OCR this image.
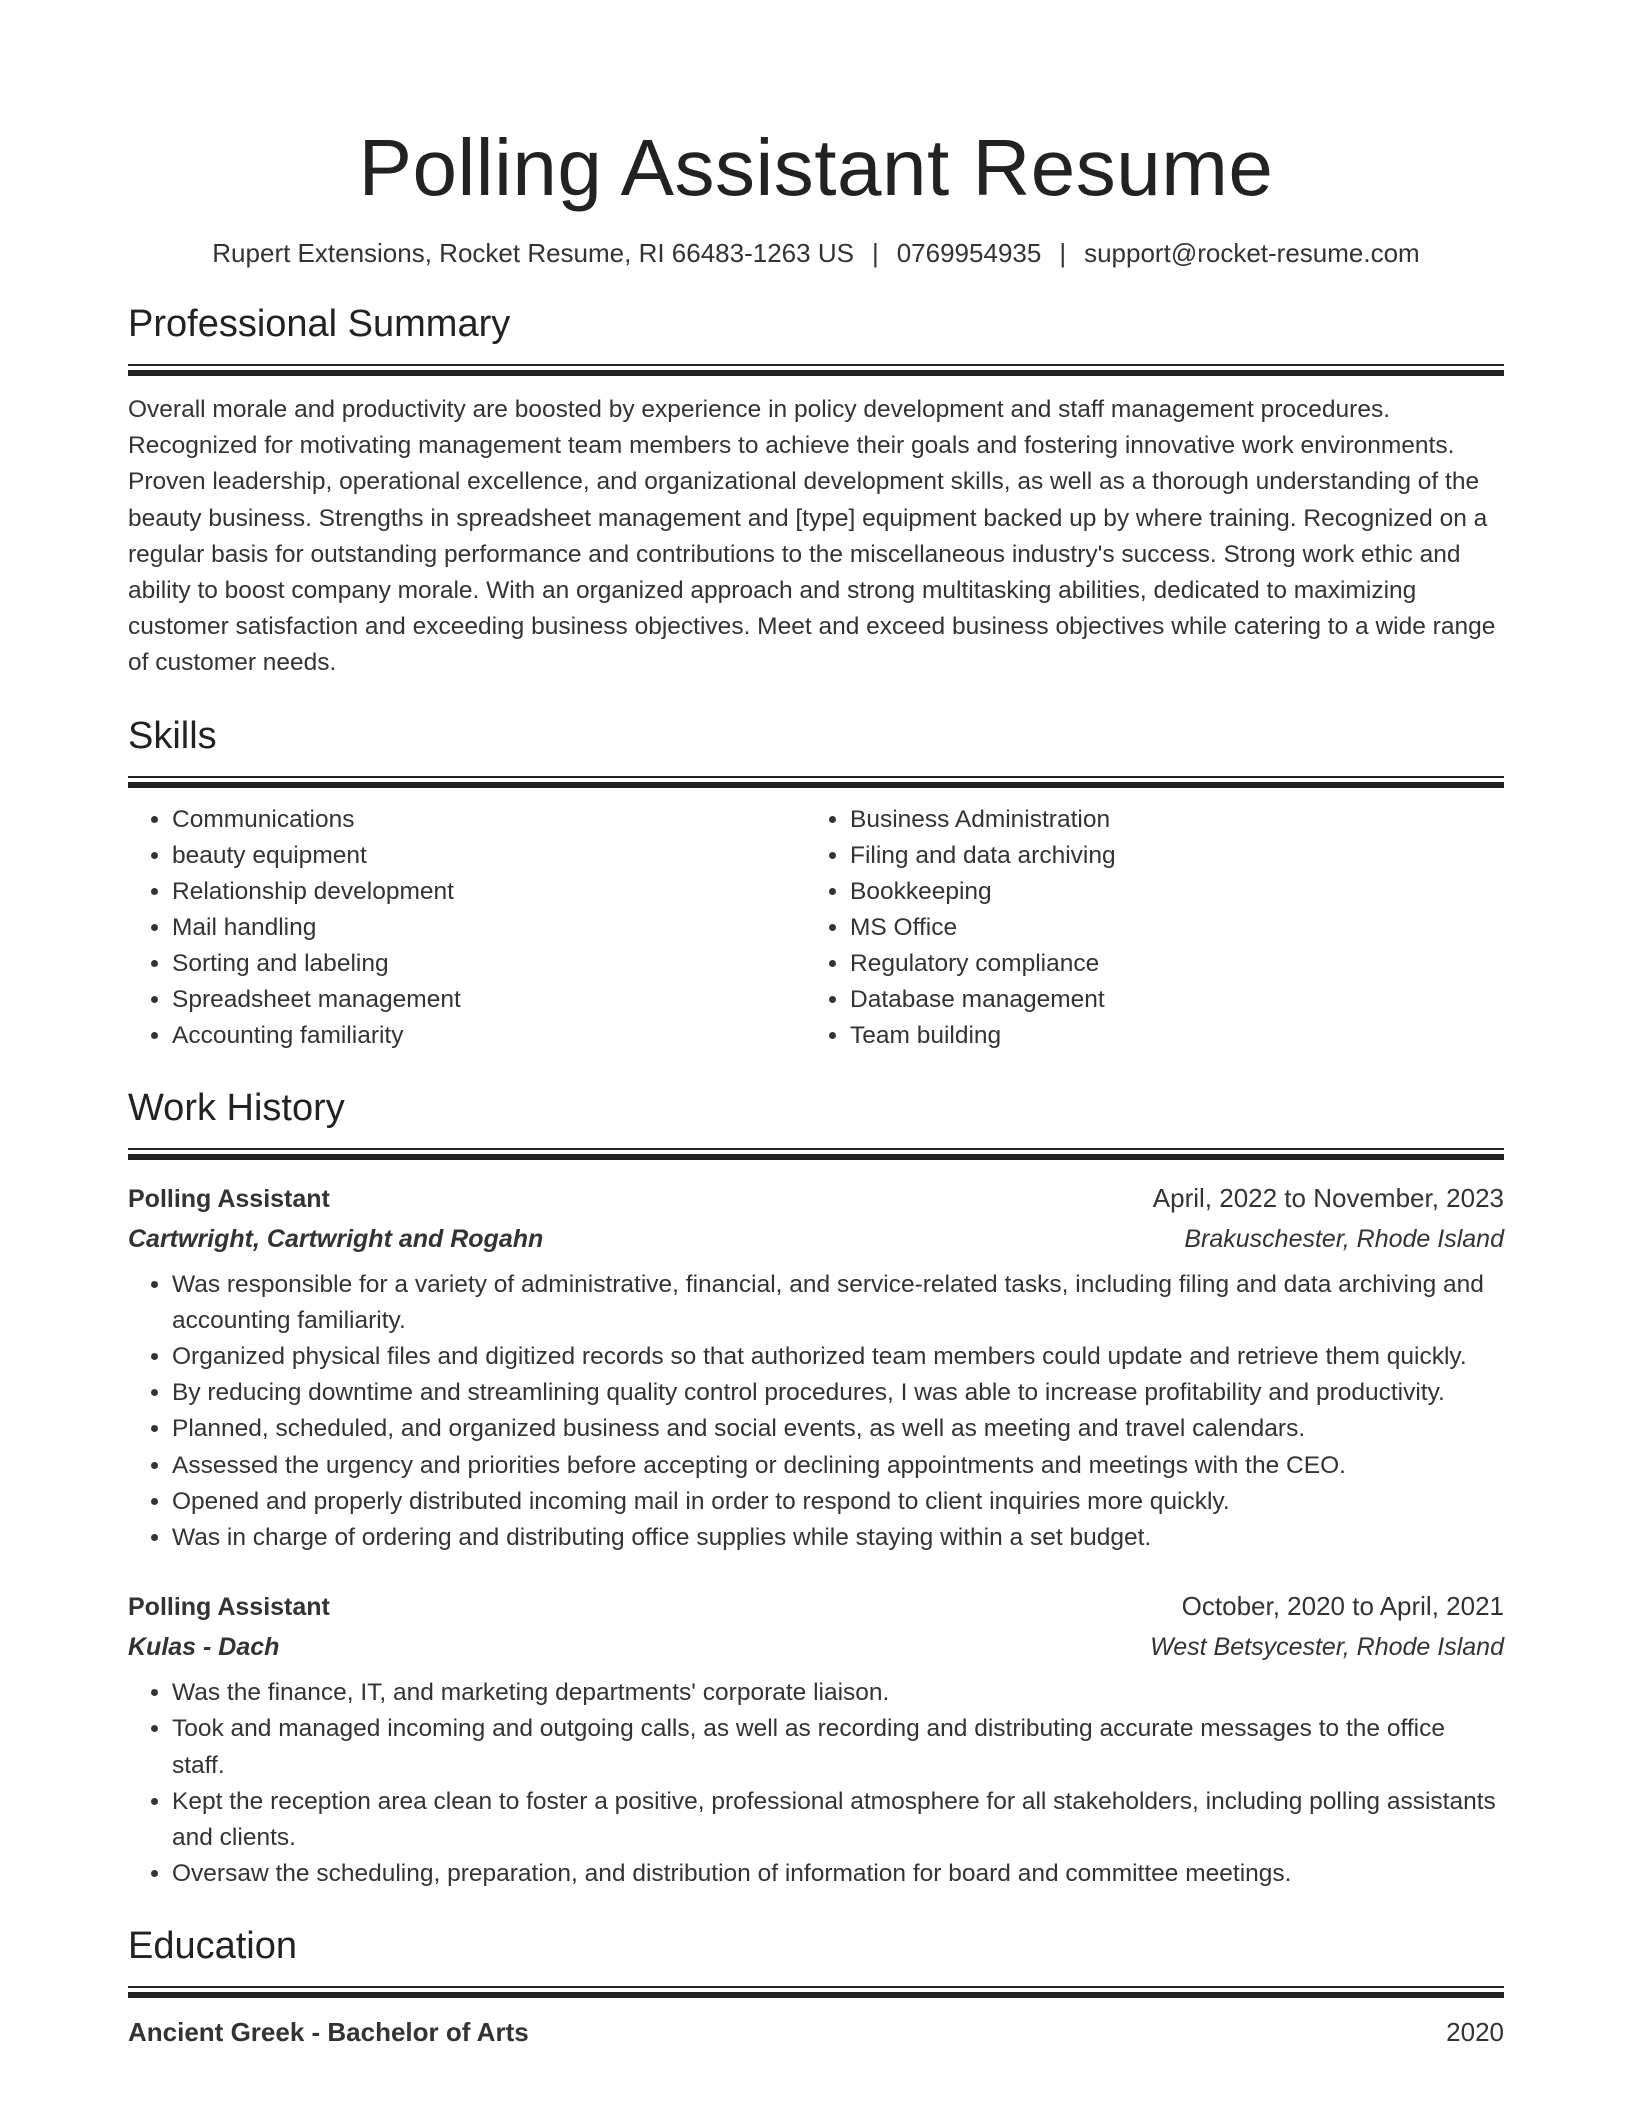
Polling Assistant Resume
Rupert Extensions, Rocket Resume, RI 66483-1263 US | 0769954935 | support@rocket-resume.com
Professional Summary

Overall morale and productivity are boosted by experience in policy development and staff management procedures. Recognized for motivating management team members to achieve their goals and fostering innovative work environments. Proven leadership, operational excellence, and organizational development skills, as well as a thorough understanding of the beauty business. Strengths in spreadsheet management and [type] equipment backed up by where training. Recognized on a regular basis for outstanding performance and contributions to the miscellaneous industry's success. Strong work ethic and ability to boost company morale. With an organized approach and strong multitasking abilities, dedicated to maximizing customer satisfaction and exceeding business objectives. Meet and exceed business objectives while catering to a wide range of customer needs.

Skills
• Communications
• beauty equipment
• Relationship development
• Mail handling
• Sorting and labeling
• Spreadsheet management
• Accounting familiarity
• Business Administration
• Filing and data archiving
• Bookkeeping
• MS Office
• Regulatory compliance
• Database management
• Team building
Work History
Polling Assistant	April, 2022 to November, 2023
Cartwright, Cartwright and Rogahn	Brakuschester, Rhode Island
• Was responsible for a variety of administrative, financial, and service-related tasks, including filing and data archiving and accounting familiarity.
• Organized physical files and digitized records so that authorized team members could update and retrieve them quickly.
• By reducing downtime and streamlining quality control procedures, I was able to increase profitability and productivity.
• Planned, scheduled, and organized business and social events, as well as meeting and travel calendars.
• Assessed the urgency and priorities before accepting or declining appointments and meetings with the CEO.
• Opened and properly distributed incoming mail in order to respond to client inquiries more quickly.
• Was in charge of ordering and distributing office supplies while staying within a set budget.
Polling Assistant	October, 2020 to April, 2021
Kulas - Dach	West Betsycester, Rhode Island
• Was the finance, IT, and marketing departments' corporate liaison.
• Took and managed incoming and outgoing calls, as well as recording and distributing accurate messages to the office staff.
• Kept the reception area clean to foster a positive, professional atmosphere for all stakeholders, including polling assistants and clients.
• Oversaw the scheduling, preparation, and distribution of information for board and committee meetings.
Education
Ancient Greek - Bachelor of Arts	2020
